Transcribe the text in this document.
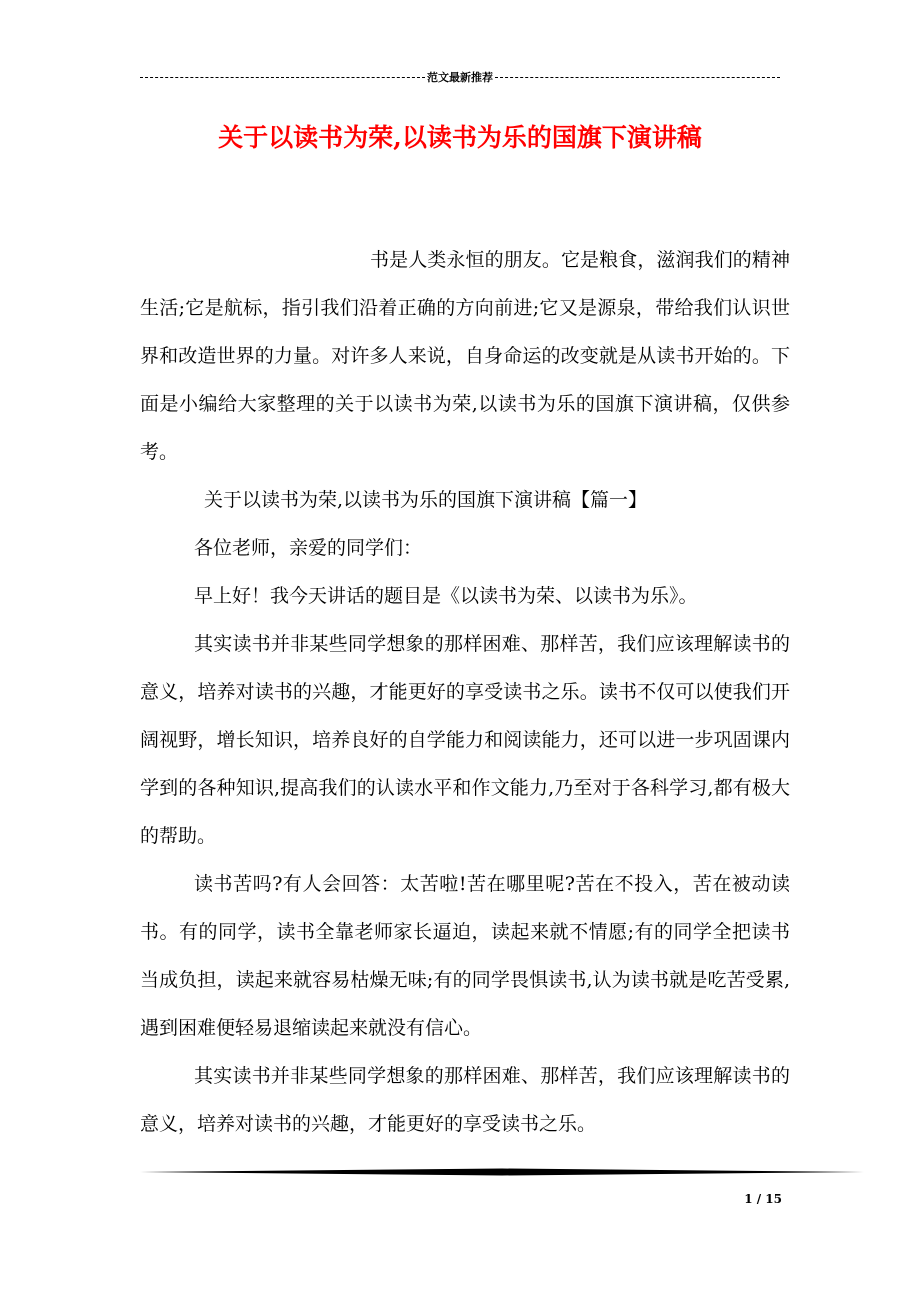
范文最新推荐
关于以读书为荣,以读书为乐的国旗下演讲稿

书是人类永恒的朋友。它是粮食，滋润我们的精神生活;它是航标，指引我们沿着正确的方向前进;它又是源泉，带给我们认识世界和改造世界的力量。对许多人来说，自身命运的改变就是从读书开始的。下面是小编给大家整理的关于以读书为荣,以读书为乐的国旗下演讲稿，仅供参考。

关于以读书为荣,以读书为乐的国旗下演讲稿【篇一】

各位老师，亲爱的同学们：

早上好！我今天讲话的题目是《以读书为荣、以读书为乐》。

其实读书并非某些同学想象的那样困难、那样苦，我们应该理解读书的意义，培养对读书的兴趣，才能更好的享受读书之乐。读书不仅可以使我们开阔视野，增长知识，培养良好的自学能力和阅读能力，还可以进一步巩固课内学到的各种知识,提高我们的认读水平和作文能力,乃至对于各科学习,都有极大的帮助。

读书苦吗?有人会回答：太苦啦!苦在哪里呢?苦在不投入，苦在被动读书。有的同学，读书全靠老师家长逼迫，读起来就不情愿;有的同学全把读书当成负担，读起来就容易枯燥无味;有的同学畏惧读书,认为读书就是吃苦受累,遇到困难便轻易退缩读起来就没有信心。

其实读书并非某些同学想象的那样困难、那样苦，我们应该理解读书的意义，培养对读书的兴趣，才能更好的享受读书之乐。

1 / 15
